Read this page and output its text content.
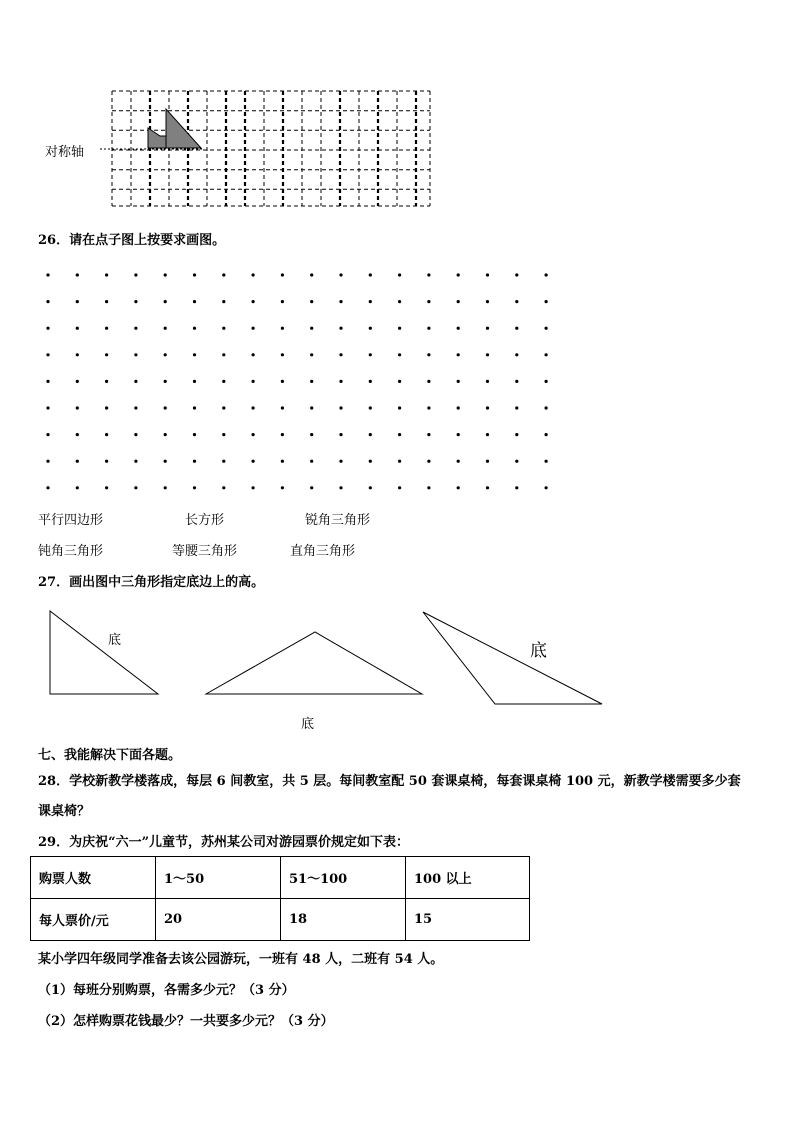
对称轴
26．请在点子图上按要求画图。
平行四边形	长方形	锐角三角形
钝角三角形	等腰三角形	直角三角形
27．画出图中三角形指定底边上的高。
底
底
底
七、我能解决下面各题。
28．学校新教学楼落成，每层 6 间教室，共 5 层。每间教室配 50 套课桌椅，每套课桌椅 100 元，新教学楼需要多少套
课桌椅？
29．为庆祝“六一”儿童节，苏州某公司对游园票价规定如下表：
购票人数	1～50	51～100	100 以上
每人票价/元	20	18	15
某小学四年级同学准备去该公园游玩，一班有 48 人，二班有 54 人。
（1）每班分别购票，各需多少元？（3 分）
（2）怎样购票花钱最少？一共要多少元？（3 分）
